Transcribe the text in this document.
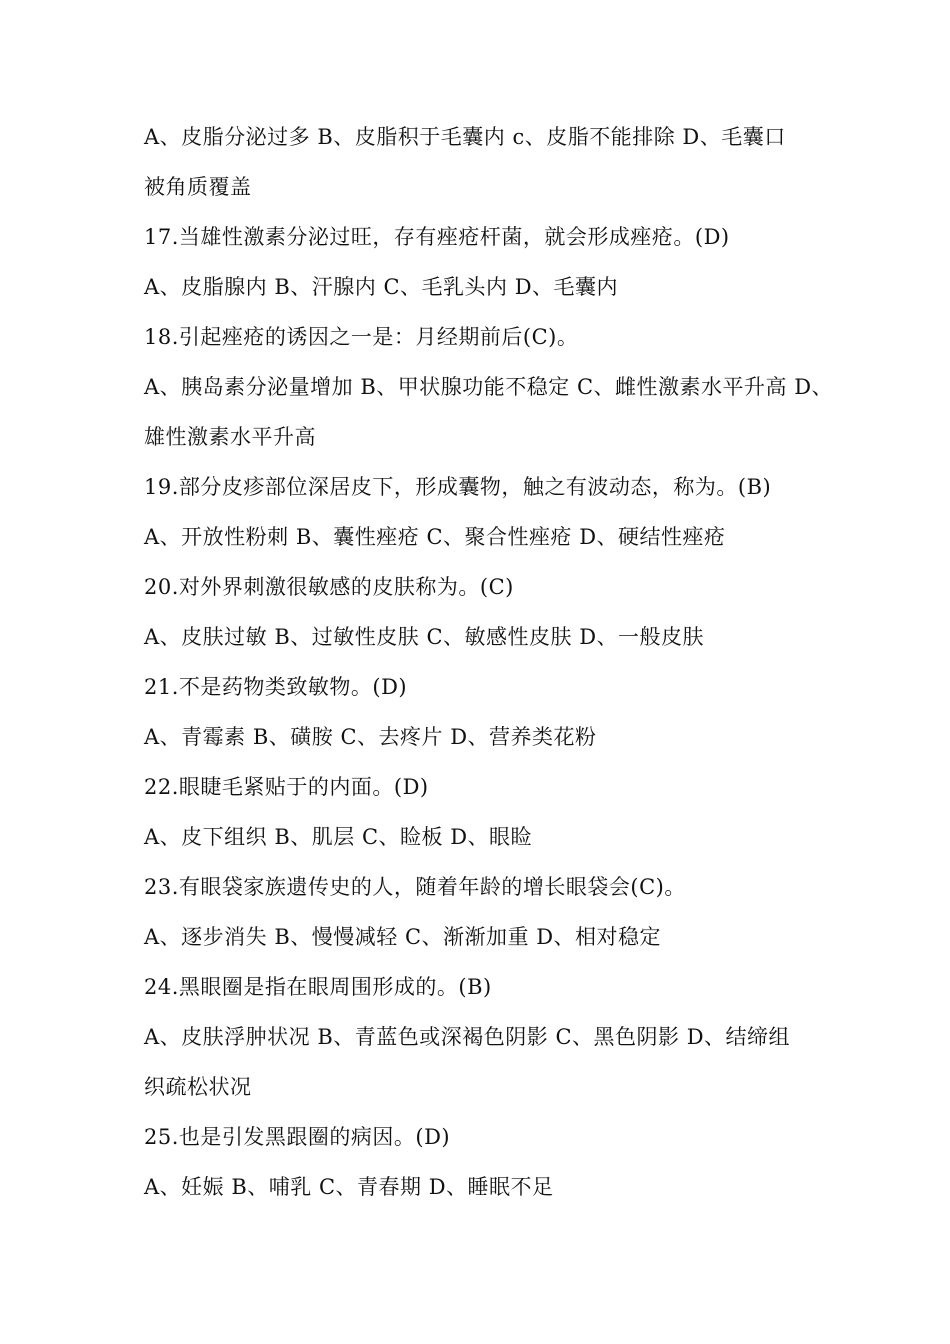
A、皮脂分泌过多 B、皮脂积于毛囊内 c、皮脂不能排除 D、毛囊口
被角质覆盖
17.当雄性激素分泌过旺，存有痤疮杆菌，就会形成痤疮。(D)
A、皮脂腺内 B、汗腺内 C、毛乳头内 D、毛囊内
18.引起痤疮的诱因之一是：月经期前后(C)。
A、胰岛素分泌量增加 B、甲状腺功能不稳定 C、雌性激素水平升高 D、
雄性激素水平升高
19.部分皮疹部位深居皮下，形成囊物，触之有波动态，称为。(B)
A、开放性粉刺 B、囊性痤疮 C、聚合性痤疮 D、硬结性痤疮
20.对外界刺激很敏感的皮肤称为。(C)
A、皮肤过敏 B、过敏性皮肤 C、敏感性皮肤 D、一般皮肤
21.不是药物类致敏物。(D)
A、青霉素 B、磺胺 C、去疼片 D、营养类花粉
22.眼睫毛紧贴于的内面。(D)
A、皮下组织 B、肌层 C、睑板 D、眼睑
23.有眼袋家族遗传史的人，随着年龄的增长眼袋会(C)。
A、逐步消失 B、慢慢减轻 C、渐渐加重 D、相对稳定
24.黑眼圈是指在眼周围形成的。(B)
A、皮肤浮肿状况 B、青蓝色或深褐色阴影 C、黑色阴影 D、结缔组
织疏松状况
25.也是引发黑跟圈的病因。(D)
A、妊娠 B、哺乳 C、青春期 D、睡眠不足
